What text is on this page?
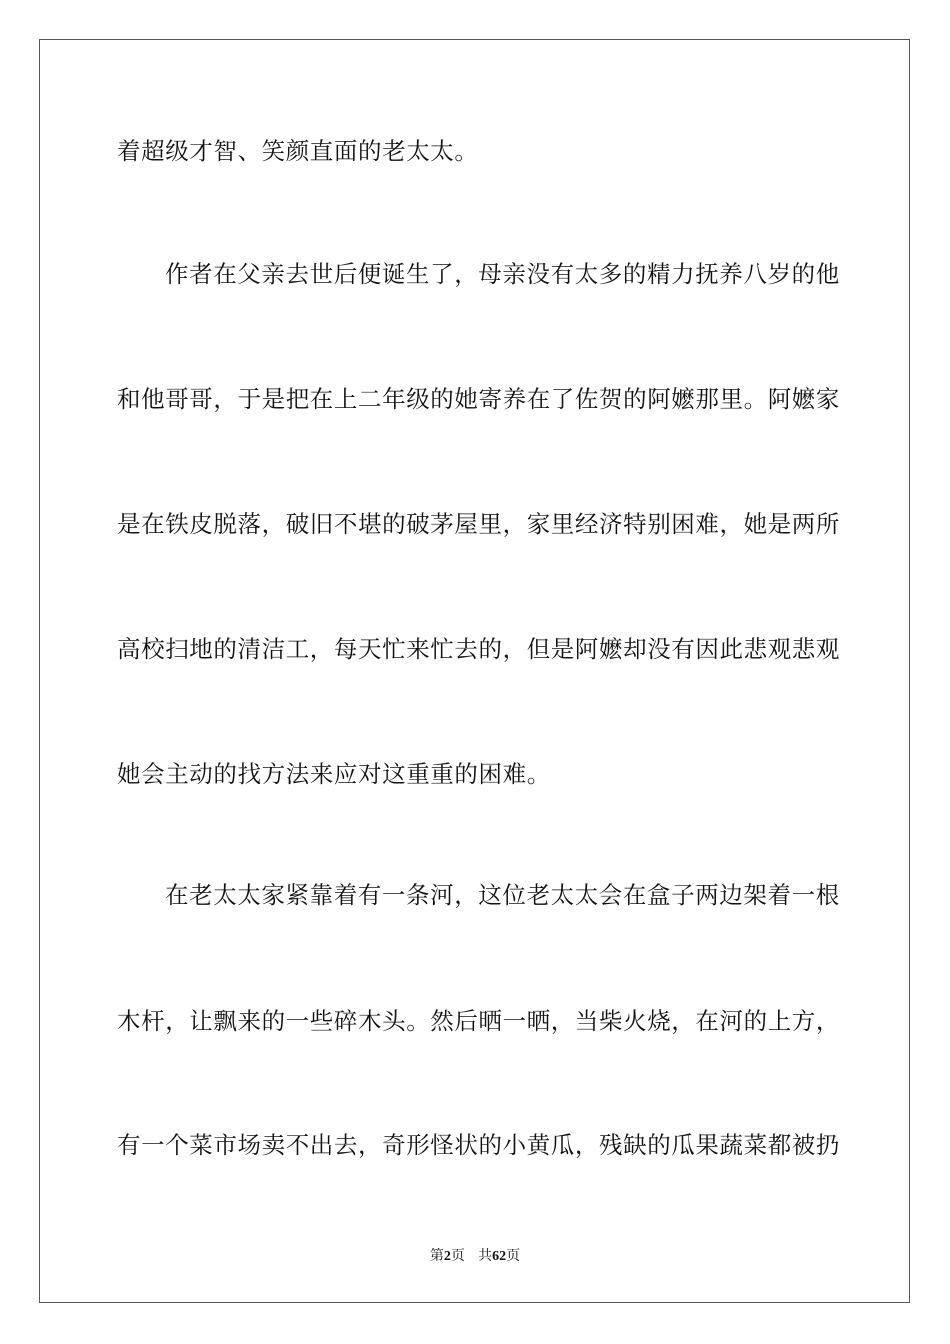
着超级才智、笑颜直面的老太太。
作者在父亲去世后便诞生了，母亲没有太多的精力抚养八岁的他
和他哥哥，于是把在上二年级的她寄养在了佐贺的阿嬷那里。阿嬷家
是在铁皮脱落，破旧不堪的破茅屋里，家里经济特别困难，她是两所
高校扫地的清洁工，每天忙来忙去的，但是阿嬷却没有因此悲观悲观
她会主动的找方法来应对这重重的困难。
在老太太家紧靠着有一条河，这位老太太会在盒子两边架着一根
木杆，让飘来的一些碎木头。然后晒一晒，当柴火烧，在河的上方，
有一个菜市场卖不出去，奇形怪状的小黄瓜，残缺的瓜果蔬菜都被扔
第2页 共62页
